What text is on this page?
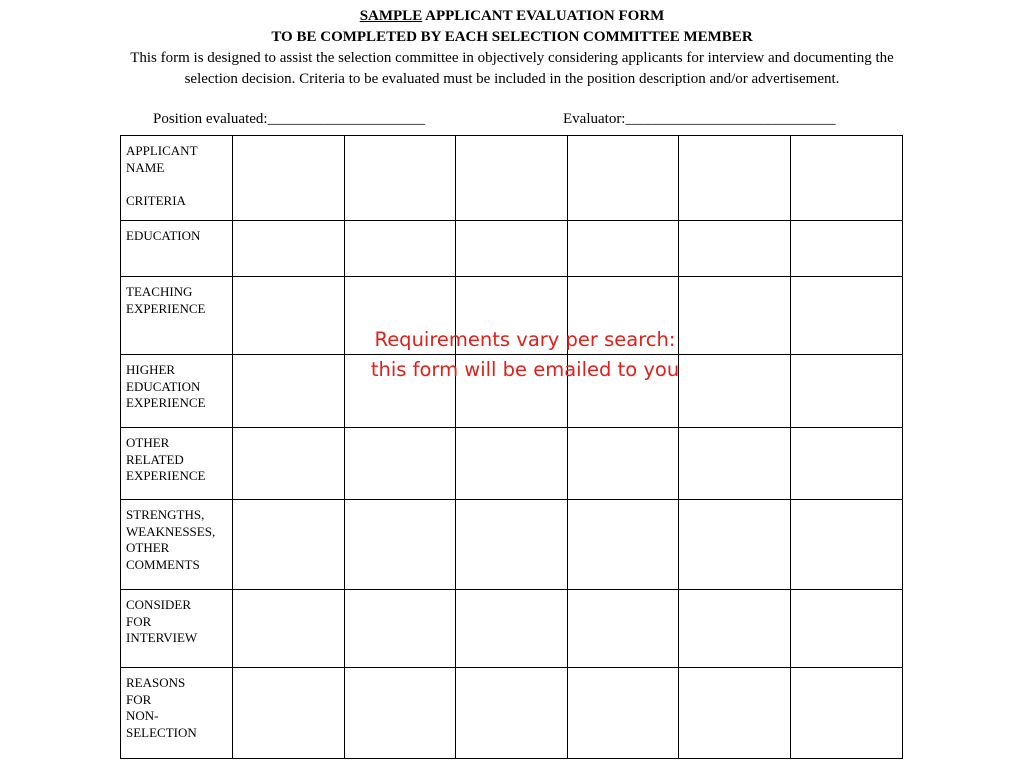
SAMPLE APPLICANT EVALUATION FORM
TO BE COMPLETED BY EACH SELECTION COMMITTEE MEMBER
This form is designed to assist the selection committee in objectively considering applicants for interview and documenting the selection decision. Criteria to be evaluated must be included in the position description and/or advertisement.
Position evaluated:_____________________	Evaluator:____________________________
APPLICANT
NAME
CRITERIA						

EDUCATION						

TEACHING
EXPERIENCE						

HIGHER
EDUCATION
EXPERIENCE						

OTHER
RELATED
EXPERIENCE						

STRENGTHS,
WEAKNESSES,
OTHER
COMMENTS						

CONSIDER
FOR
INTERVIEW						

REASONS
FOR
NON-
SELECTION						

Requirements vary per search:
this form will be emailed to you
